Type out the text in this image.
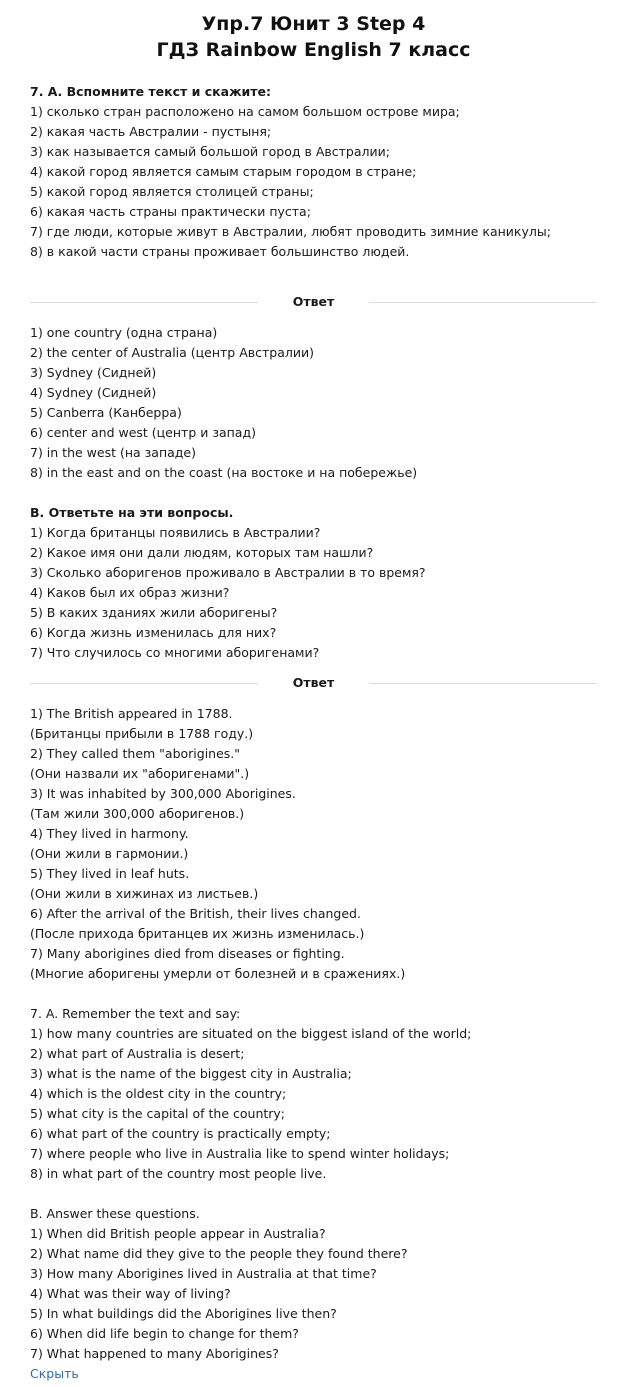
Упр.7 Юнит 3 Step 4
ГДЗ Rainbow English 7 класс
7. А. Вспомните текст и скажите:
1) сколько стран расположено на самом большом острове мира;
2) какая часть Австралии - пустыня;
3) как называется самый большой город в Австралии;
4) какой город является самым старым городом в стране;
5) какой город является столицей страны;
6) какая часть страны практически пуста;
7) где люди, которые живут в Австралии, любят проводить зимние каникулы;
8) в какой части страны проживает большинство людей.
Ответ
1) one country (одна страна)
2) the center of Australia (центр Австралии)
3) Sydney (Сидней)
4) Sydney (Сидней)
5) Canberra (Канберра)
6) center and west (центр и запад)
7) in the west (на западе)
8) in the east and on the coast (на востоке и на побережье)
B. Ответьте на эти вопросы.
1) Когда британцы появились в Австралии?
2) Какое имя они дали людям, которых там нашли?
3) Сколько аборигенов проживало в Австралии в то время?
4) Каков был их образ жизни?
5) В каких зданиях жили аборигены?
6) Когда жизнь изменилась для них?
7) Что случилось со многими аборигенами?
Ответ
1) The British appeared in 1788.
(Британцы прибыли в 1788 году.)
2) They called them "aborigines."
(Они назвали их "аборигенами".)
3) It was inhabited by 300,000 Aborigines.
(Там жили 300,000 аборигенов.)
4) They lived in harmony.
(Они жили в гармонии.)
5) They lived in leaf huts.
(Они жили в хижинах из листьев.)
6) After the arrival of the British, their lives changed.
(После прихода британцев их жизнь изменилась.)
7) Many aborigines died from diseases or fighting.
(Многие аборигены умерли от болезней и в сражениях.)
7. A. Remember the text and say:
1) how many countries are situated on the biggest island of the world;
2) what part of Australia is desert;
3) what is the name of the biggest city in Australia;
4) which is the oldest city in the country;
5) what city is the capital of the country;
6) what part of the country is practically empty;
7) where people who live in Australia like to spend winter holidays;
8) in what part of the country most people live.
B. Answer these questions.
1) When did British people appear in Australia?
2) What name did they give to the people they found there?
3) How many Aborigines lived in Australia at that time?
4) What was their way of living?
5) In what buildings did the Aborigines live then?
6) When did life begin to change for them?
7) What happened to many Aborigines?
Скрыть
